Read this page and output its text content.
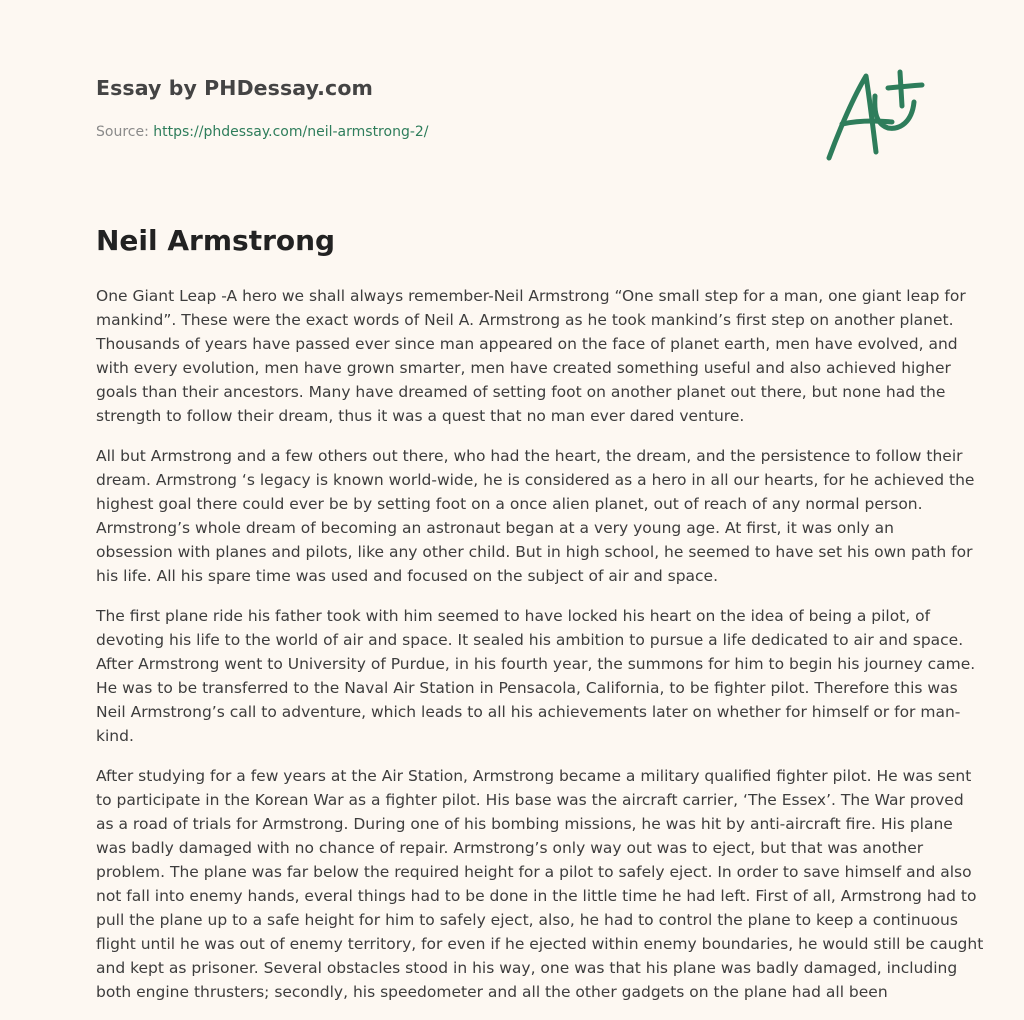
Essay by PHDessay.com
Source: https://phdessay.com/neil-armstrong-2/
Neil Armstrong

One Giant Leap -A hero we shall always remember-Neil Armstrong “One small step for a man, one giant leap for
mankind”. These were the exact words of Neil A. Armstrong as he took mankind’s first step on another planet.
Thousands of years have passed ever since man appeared on the face of planet earth, men have evolved, and
with every evolution, men have grown smarter, men have created something useful and also achieved higher
goals than their ancestors. Many have dreamed of setting foot on another planet out there, but none had the
strength to follow their dream, thus it was a quest that no man ever dared venture.

All but Armstrong and a few others out there, who had the heart, the dream, and the persistence to follow their
dream. Armstrong ‘s legacy is known world-wide, he is considered as a hero in all our hearts, for he achieved the
highest goal there could ever be by setting foot on a once alien planet, out of reach of any normal person.
Armstrong’s whole dream of becoming an astronaut began at a very young age. At first, it was only an
obsession with planes and pilots, like any other child. But in high school, he seemed to have set his own path for
his life. All his spare time was used and focused on the subject of air and space.

The first plane ride his father took with him seemed to have locked his heart on the idea of being a pilot, of
devoting his life to the world of air and space. It sealed his ambition to pursue a life dedicated to air and space.
After Armstrong went to University of Purdue, in his fourth year, the summons for him to begin his journey came.
He was to be transferred to the Naval Air Station in Pensacola, California, to be fighter pilot. Therefore this was
Neil Armstrong’s call to adventure, which leads to all his achievements later on whether for himself or for man-
kind.

After studying for a few years at the Air Station, Armstrong became a military qualified fighter pilot. He was sent
to participate in the Korean War as a fighter pilot. His base was the aircraft carrier, ‘The Essex’. The War proved
as a road of trials for Armstrong. During one of his bombing missions, he was hit by anti-aircraft fire. His plane
was badly damaged with no chance of repair. Armstrong’s only way out was to eject, but that was another
problem. The plane was far below the required height for a pilot to safely eject. In order to save himself and also
not fall into enemy hands, everal things had to be done in the little time he had left. First of all, Armstrong had to
pull the plane up to a safe height for him to safely eject, also, he had to control the plane to keep a continuous
flight until he was out of enemy territory, for even if he ejected within enemy boundaries, he would still be caught
and kept as prisoner. Several obstacles stood in his way, one was that his plane was badly damaged, including
both engine thrusters; secondly, his speedometer and all the other gadgets on the plane had all been
